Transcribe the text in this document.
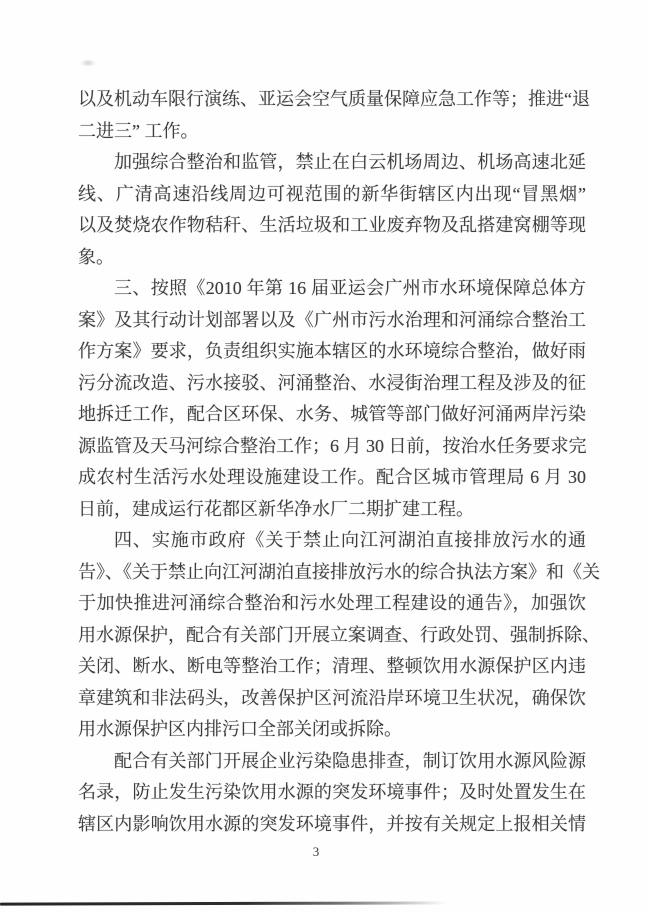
以及机动车限行演练、亚运会空气质量保障应急工作等；推进“退
二进三” 工作。
加强综合整治和监管，禁止在白云机场周边、机场高速北延
线、广清高速沿线周边可视范围的新华街辖区内出现“冒黑烟”
以及焚烧农作物秸秆、生活垃圾和工业废弃物及乱搭建窝棚等现
象。
三、按照《2010 年第 16 届亚运会广州市水环境保障总体方
案》及其行动计划部署以及《广州市污水治理和河涌综合整治工
作方案》要求，负责组织实施本辖区的水环境综合整治，做好雨
污分流改造、污水接驳、河涌整治、水浸街治理工程及涉及的征
地拆迁工作，配合区环保、水务、城管等部门做好河涌两岸污染
源监管及天马河综合整治工作；6 月 30 日前，按治水任务要求完
成农村生活污水处理设施建设工作。配合区城市管理局 6 月 30
日前，建成运行花都区新华净水厂二期扩建工程。
四、实施市政府《关于禁止向江河湖泊直接排放污水的通
告》、《关于禁止向江河湖泊直接排放污水的综合执法方案》和《关
于加快推进河涌综合整治和污水处理工程建设的通告》，加强饮
用水源保护，配合有关部门开展立案调查、行政处罚、强制拆除、
关闭、断水、断电等整治工作；清理、整顿饮用水源保护区内违
章建筑和非法码头，改善保护区河流沿岸环境卫生状况，确保饮
用水源保护区内排污口全部关闭或拆除。
配合有关部门开展企业污染隐患排查，制订饮用水源风险源
名录，防止发生污染饮用水源的突发环境事件；及时处置发生在
辖区内影响饮用水源的突发环境事件，并按有关规定上报相关情
3
